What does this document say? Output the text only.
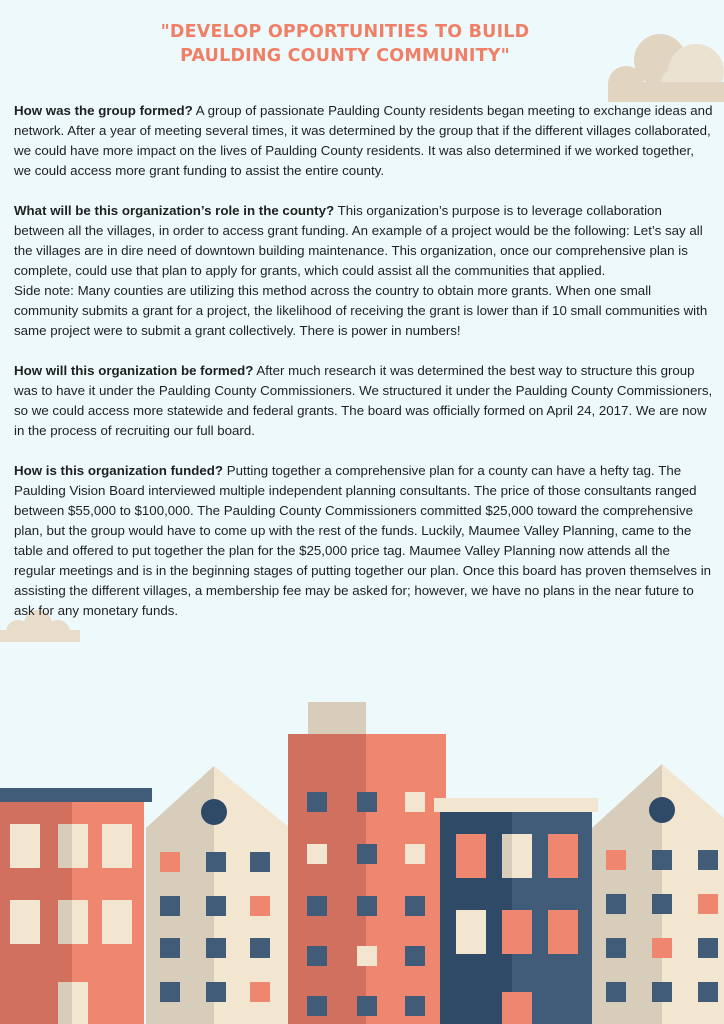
"DEVELOP OPPORTUNITIES TO BUILD
PAULDING COUNTY COMMUNITY"

How was the group formed? A group of passionate Paulding County residents began meeting to exchange ideas and network. After a year of meeting several times, it was determined by the group that if the different villages collaborated, we could have more impact on the lives of Paulding County residents. It was also determined if we worked together, we could access more grant funding to assist the entire county.

What will be this organization’s role in the county? This organization’s purpose is to leverage collaboration between all the villages, in order to access grant funding. An example of a project would be the following: Let’s say all the villages are in dire need of downtown building maintenance. This organization, once our comprehensive plan is complete, could use that plan to apply for grants, which could assist all the communities that applied.

Side note: Many counties are utilizing this method across the country to obtain more grants. When one small community submits a grant for a project, the likelihood of receiving the grant is lower than if 10 small communities with same project were to submit a grant collectively. There is power in numbers!

How will this organization be formed? After much research it was determined the best way to structure this group was to have it under the Paulding County Commissioners. We structured it under the Paulding County Commissioners, so we could access more statewide and federal grants. The board was officially formed on April 24, 2017. We are now in the process of recruiting our full board.

How is this organization funded? Putting together a comprehensive plan for a county can have a hefty tag. The Paulding Vision Board interviewed multiple independent planning consultants. The price of those consultants ranged between $55,000 to $100,000. The Paulding County Commissioners committed $25,000 toward the comprehensive plan, but the group would have to come up with the rest of the funds. Luckily, Maumee Valley Planning, came to the table and offered to put together the plan for the $25,000 price tag. Maumee Valley Planning now attends all the regular meetings and is in the beginning stages of putting together our plan. Once this board has proven themselves in assisting the different villages, a membership fee may be asked for; however, we have no plans in the near future to ask for any monetary funds.
